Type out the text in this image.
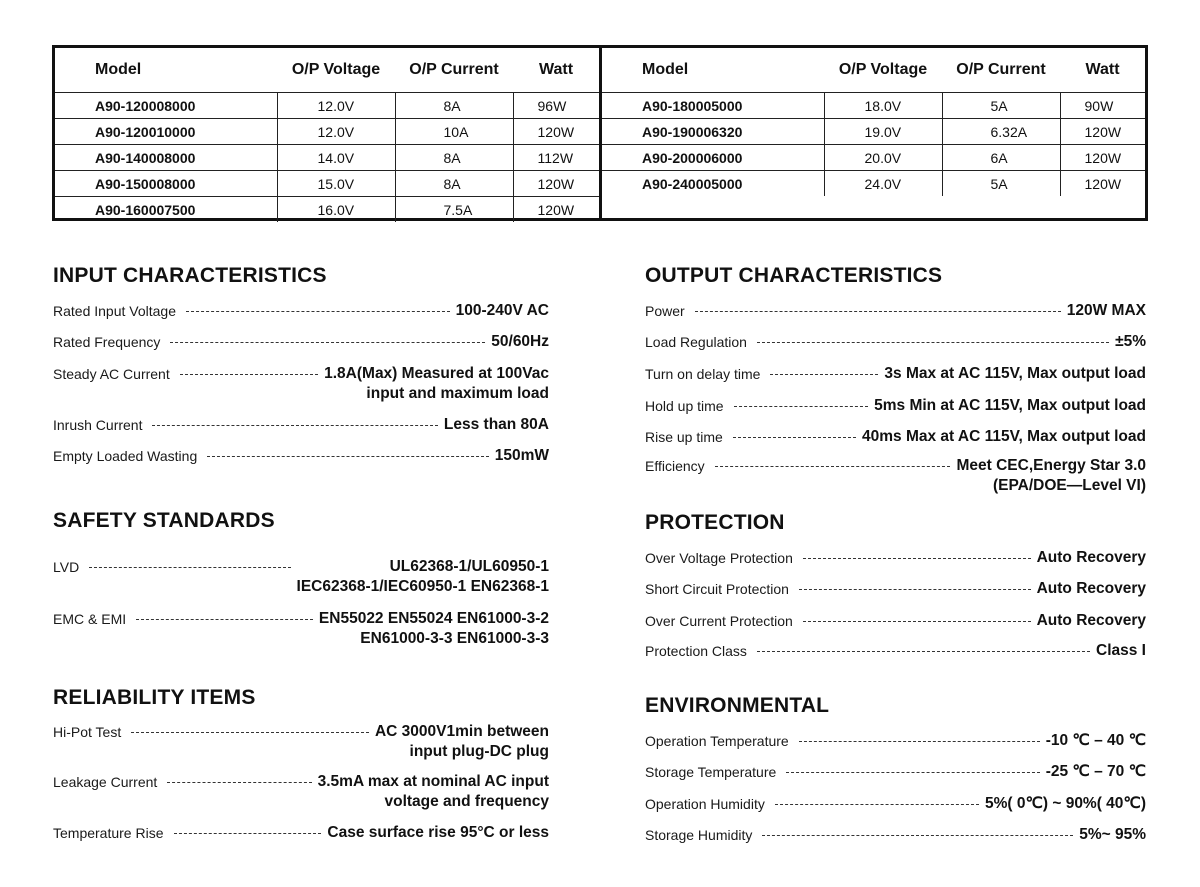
Model	O/P Voltage	O/P Current	Watt
A90-120008000	12.0V	8A	96W
A90-120010000	12.0V	10A	120W
A90-140008000	14.0V	8A	112W
A90-150008000	15.0V	8A	120W
A90-160007500	16.0V	7.5A	120W
Model	O/P Voltage	O/P Current	Watt
A90-180005000	18.0V	5A	90W
A90-190006320	19.0V	6.32A	120W
A90-200006000	20.0V	6A	120W
A90-240005000	24.0V	5A	120W
INPUT CHARACTERISTICS
Rated Input Voltage	100-240V AC
Rated Frequency	50/60Hz
Steady AC Current	1.8A(Max) Measured at 100Vac
input and maximum load
Inrush Current	Less than 80A
Empty Loaded Wasting	150mW
SAFETY STANDARDS
LVD	UL62368-1/UL60950-1
IEC62368-1/IEC60950-1 EN62368-1
EMC & EMI	EN55022 EN55024 EN61000-3-2
EN61000-3-3 EN61000-3-3
RELIABILITY ITEMS
Hi-Pot Test	AC 3000V1min between
input plug-DC plug
Leakage Current	3.5mA max at nominal AC input
voltage and frequency
Temperature Rise	Case surface rise 95°C or less
OUTPUT CHARACTERISTICS
Power	120W MAX
Load Regulation	±5%
Turn on delay time	3s Max at AC 115V, Max output load
Hold up time	5ms Min at AC 115V, Max output load
Rise up time	40ms Max at AC 115V, Max output load
Efficiency	Meet CEC,Energy Star 3.0
(EPA/DOE—Level VI)
PROTECTION
Over Voltage Protection	Auto Recovery
Short Circuit Protection	Auto Recovery
Over Current Protection	Auto Recovery
Protection Class	Class I
ENVIRONMENTAL
Operation Temperature	-10 ℃ – 40 ℃
Storage Temperature	-25 ℃ – 70 ℃
Operation Humidity	5%( 0℃) ~ 90%( 40℃)
Storage Humidity	5%~ 95%
